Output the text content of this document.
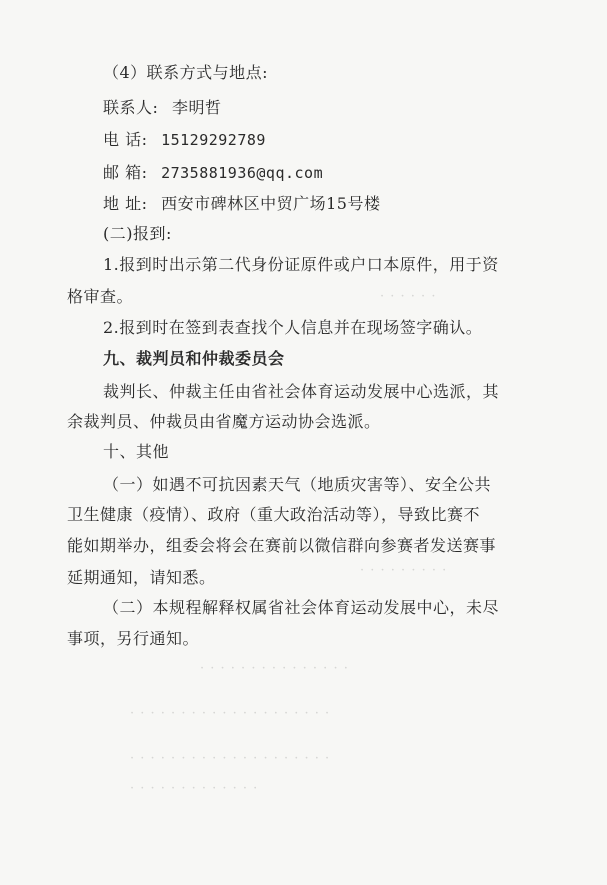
· · · · · ·
· · · · · · · · ·
· · · · · · · · · · · · · · ·
· · · · · · · · · · · · · · · · · · · ·
· · · · · · · · · · · · · · · · · · · ·
· · · · · · · · · · · · ·
（4）联系方式与地点:
联系人: 李明哲
电 话: 15129292789
邮 箱: 2735881936@qq.com
地 址: 西安市碑林区中贸广场15号楼
(二)报到:
1.报到时出示第二代身份证原件或户口本原件，用于资
格审查。
2.报到时在签到表查找个人信息并在现场签字确认。
九、裁判员和仲裁委员会
裁判长、仲裁主任由省社会体育运动发展中心选派，其
余裁判员、仲裁员由省魔方运动协会选派。
十、其他
（一）如遇不可抗因素天气（地质灾害等）、安全公共
卫生健康（疫情）、政府（重大政治活动等），导致比赛不
能如期举办，组委会将会在赛前以微信群向参赛者发送赛事
延期通知，请知悉。
（二）本规程解释权属省社会体育运动发展中心，未尽
事项，另行通知。
